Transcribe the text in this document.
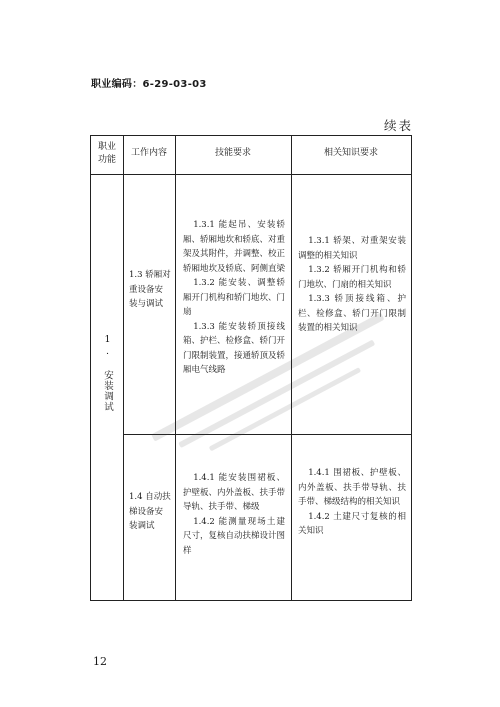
职业编码：6-29-03-03
续表
职业
功能
工作内容	技能要求	相关知识要求
1. 安装调试
1.3 轿厢对重设备安装与调试

1.3.1 能起吊、安装轿厢、轿厢地坎和轿底、对重架及其附件，并调整、校正轿厢地坎及轿底、阿侧直梁

1.3.2 能安装、调整轿厢开门机构和轿门地坎、门扇

1.3.3 能安装轿顶接线箱、护栏、检修盒、轿门开门限制装置，接通轿顶及轿厢电气线路

1.3.1 轿架、对重架安装调整的相关知识

1.3.2 轿厢开门机构和轿门地坎、门扇的相关知识

1.3.3 轿顶接线箱、护栏、检修盒、轿门开门限制装置的相关知识

1.4 自动扶梯设备安装调试

1.4.1 能安装围裙板、护壁板、内外盖板、扶手带导轨、扶手带、梯级

1.4.2 能测量现场土建尺寸，复核自动扶梯设计图样

1.4.1 围裙板、护壁板、内外盖板、扶手带导轨、扶手带、梯级结构的相关知识

1.4.2 土建尺寸复核的相关知识

12
